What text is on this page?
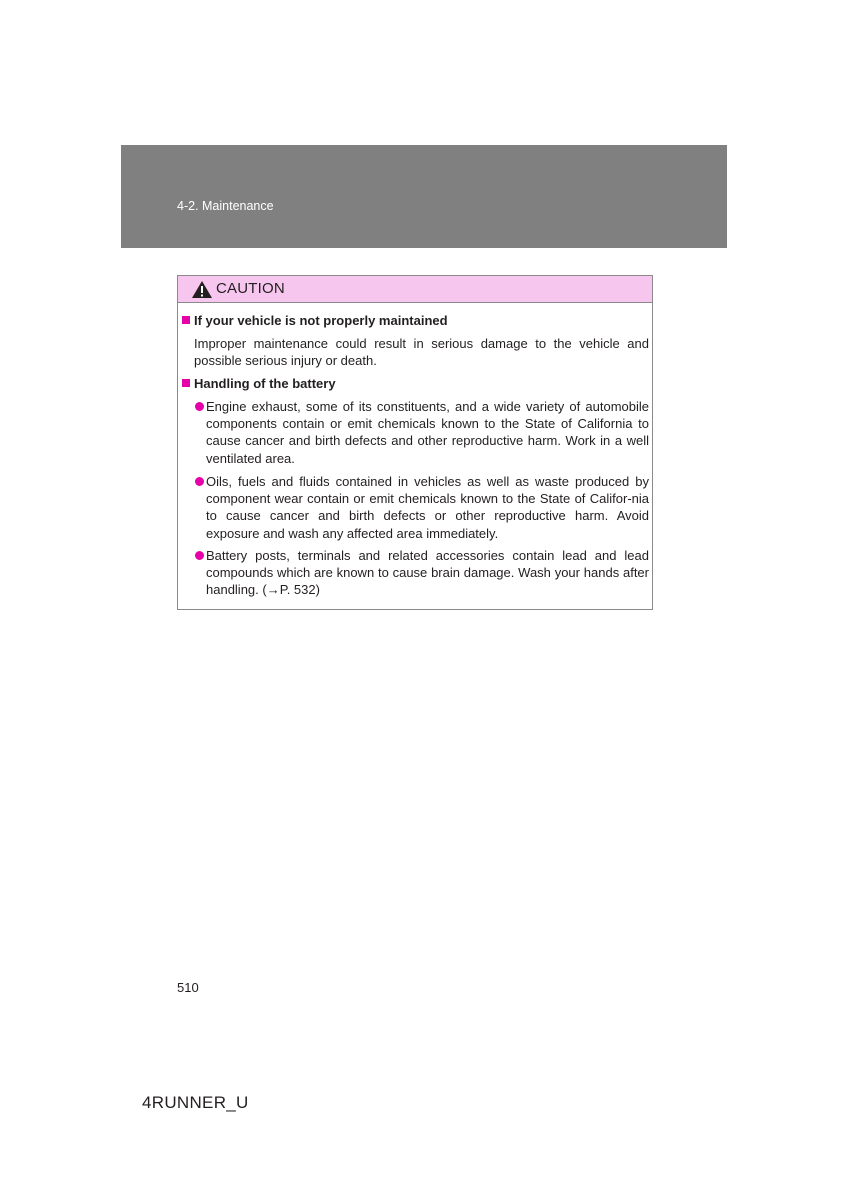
4-2. Maintenance
CAUTION
If your vehicle is not properly maintained
Improper maintenance could result in serious damage to the vehicle and possible serious injury or death.
Handling of the battery
Engine exhaust, some of its constituents, and a wide variety of automobile components contain or emit chemicals known to the State of California to cause cancer and birth defects and other reproductive harm. Work in a well ventilated area.
Oils, fuels and fluids contained in vehicles as well as waste produced by component wear contain or emit chemicals known to the State of Califor-nia to cause cancer and birth defects or other reproductive harm. Avoid exposure and wash any affected area immediately.
Battery posts, terminals and related accessories contain lead and lead compounds which are known to cause brain damage. Wash your hands after handling. (→P. 532)
510
4RUNNER_U
